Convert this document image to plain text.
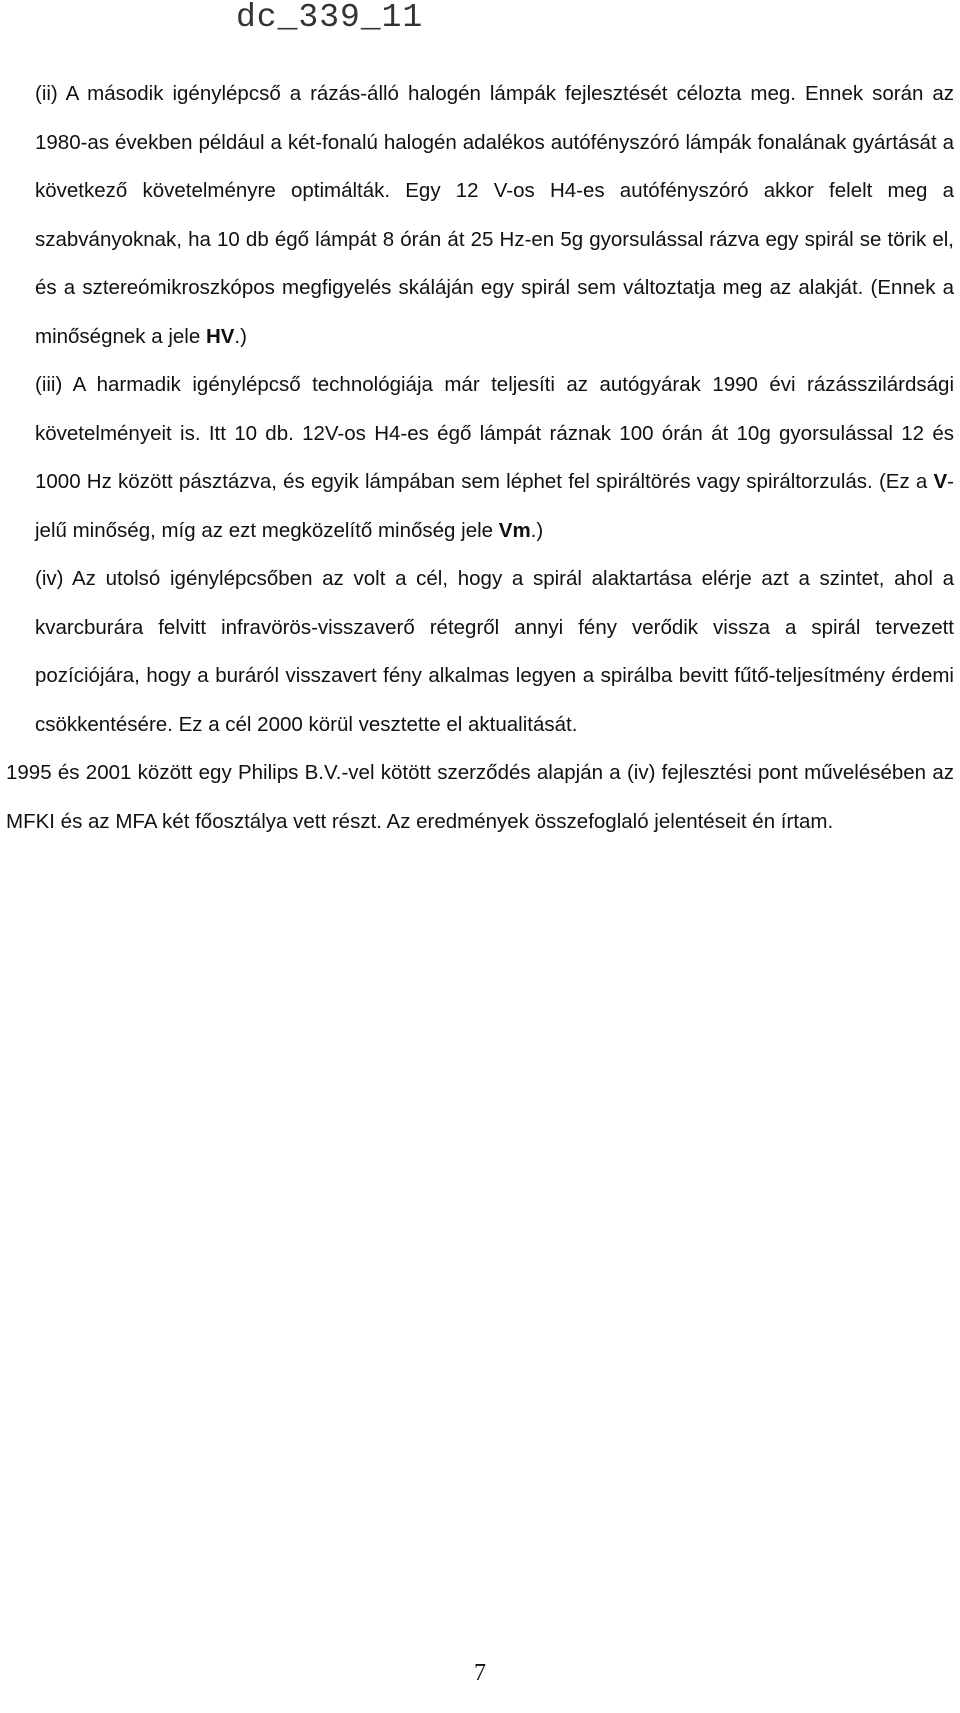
dc_339_11

(ii) A második igénylépcső a rázás-álló halogén lámpák fejlesztését célozta meg. Ennek során az 1980-as években például a két-fonalú halogén adalékos autófényszóró lámpák fonalának gyártását a következő követelményre optimálták. Egy 12 V-os H4-es autófényszóró akkor felelt meg a szabványoknak, ha 10 db égő lámpát 8 órán át 25 Hz-en 5g gyorsulással rázva egy spirál se törik el, és a sztereómikroszkópos megfigyelés skáláján egy spirál sem változtatja meg az alakját. (Ennek a minőségnek a jele HV.)

(iii) A harmadik igénylépcső technológiája már teljesíti az autógyárak 1990 évi rázásszilárdsági követelményeit is. Itt 10 db. 12V-os H4-es égő lámpát ráznak 100 órán át 10g gyorsulással 12 és 1000 Hz között pásztázva, és egyik lámpában sem léphet fel spiráltörés vagy spiráltorzulás. (Ez a V-jelű minőség, míg az ezt megközelítő minőség jele Vm.)

(iv) Az utolsó igénylépcsőben az volt a cél, hogy a spirál alaktartása elérje azt a szintet, ahol a kvarcburára felvitt infravörös-visszaverő rétegről annyi fény verődik vissza a spirál tervezett pozíciójára, hogy a buráról visszavert fény alkalmas legyen a spirálba bevitt fűtő-teljesítmény érdemi csökkentésére. Ez a cél 2000 körül vesztette el aktualitását.

1995 és 2001 között egy Philips B.V.-vel kötött szerződés alapján a (iv) fejlesztési pont művelésében az MFKI és az MFA két főosztálya vett részt. Az eredmények összefoglaló jelentéseit én írtam.

7
